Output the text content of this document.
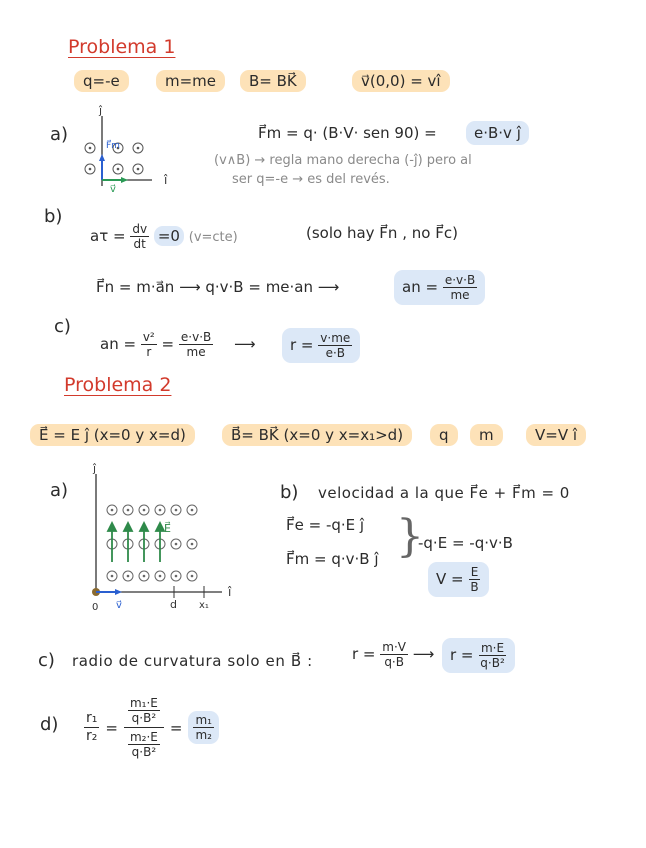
Problema 1
q=-e	m=me	B= BK⃗	v⃗(0,0) = vî
a)
ĵ
î
F⃗m
v⃗
F⃗m = q· (B·V· sen 90) =	e·B·v ĵ
(v∧B) → regla mano derecha (-ĵ) pero al
ser q=-e → es del revés.
b)
$a\tau = \frac{dv}{dt} =0$ (v=cte)	(solo hay F⃗n , no F⃗c)
F⃗n = m·a⃗n ⟶ q·v·B = me·an ⟶	an = $\frac{e\cdot v\cdot B}{me}$
c)
an = $\frac{\text{v²}}{r} = \frac{e\cdot v\cdot B}{me}$ ⟶	$r = \frac{v\cdot me}{e\cdot B}$
Problema 2
E⃗ = E ĵ (x=0 y x=d)	B⃗= BK⃗ (x=0 y x=x₁>d)	q	m	V=V î
a)
ĵ
î
0	d x₁
v⃗
E⃗
b) velocidad a la que F⃗e + F⃗m = 0
F⃗e = -q·E ĵ
F⃗m = q·v·B ĵ }
-q·E = -q·v·B
$V = \frac{E}{B}$
c) radio de curvatura solo en B⃗ :	$r = \frac{m\cdot V}{q\cdot B}$ ⟶	$r = \frac{m\cdot E}{\text{q·B²}}$
$d) \frac{\text{r₁}}{\text{r₂}} = \frac{\frac{\text{m₁·E}}{\text{q·B²}}}{\frac{\text{m₂·E}}{\text{q·B²}}} = \frac{\text{m₁}}{\text{m₂}}$
